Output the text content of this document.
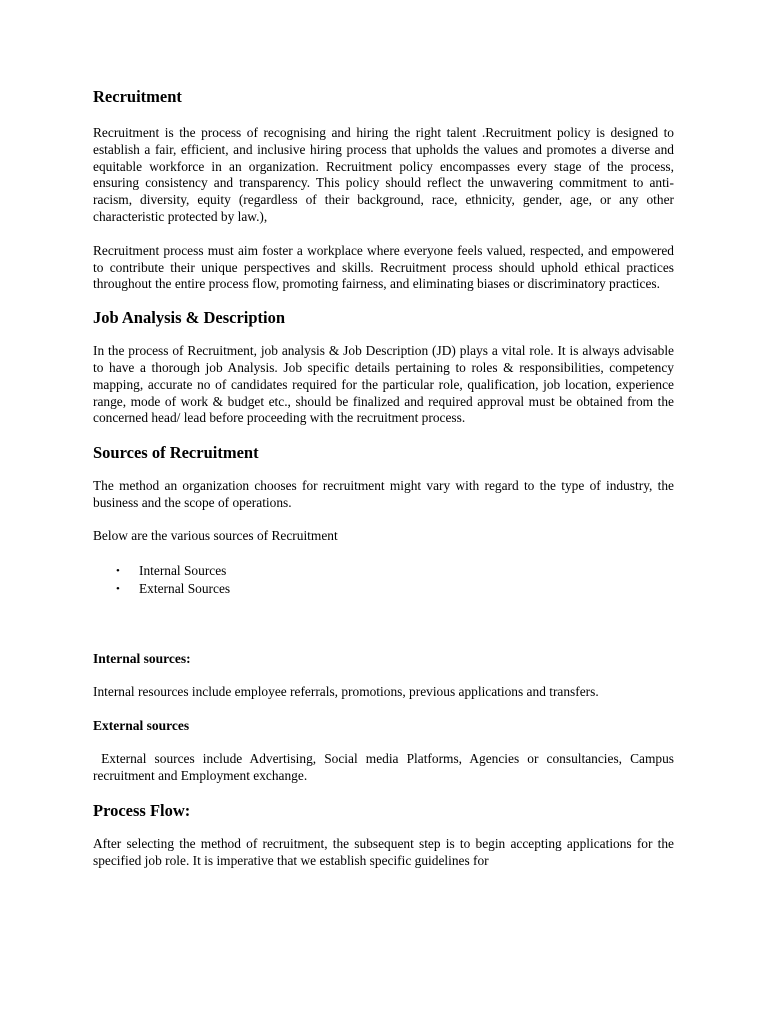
Recruitment

Recruitment is the process of recognising and hiring the right talent .Recruitment policy is designed to establish a fair, efficient, and inclusive hiring process that upholds the values and promotes a diverse and equitable workforce in an organization. Recruitment policy encompasses every stage of the process, ensuring consistency and transparency. This policy should reflect the unwavering commitment to anti-racism, diversity, equity (regardless of their background, race, ethnicity, gender, age, or any other characteristic protected by law.),

Recruitment process must aim foster a workplace where everyone feels valued, respected, and empowered to contribute their unique perspectives and skills. Recruitment process should uphold ethical practices throughout the entire process flow, promoting fairness, and eliminating biases or discriminatory practices.

Job Analysis & Description

In the process of Recruitment, job analysis & Job Description (JD) plays a vital role. It is always advisable to have a thorough job Analysis. Job specific details pertaining to roles & responsibilities, competency mapping, accurate no of candidates required for the particular role, qualification, job location, experience range, mode of work & budget etc., should be finalized and required approval must be obtained from the concerned head/ lead before proceeding with the recruitment process.

Sources of Recruitment

The method an organization chooses for recruitment might vary with regard to the type of industry, the business and the scope of operations.

Below are the various sources of Recruitment

• Internal Sources
• External Sources
Internal sources:

Internal resources include employee referrals, promotions, previous applications and transfers.

External sources

External sources include Advertising, Social media Platforms, Agencies or consultancies, Campus recruitment and Employment exchange.

Process Flow:

After selecting the method of recruitment, the subsequent step is to begin accepting applications for the specified job role. It is imperative that we establish specific guidelines for
